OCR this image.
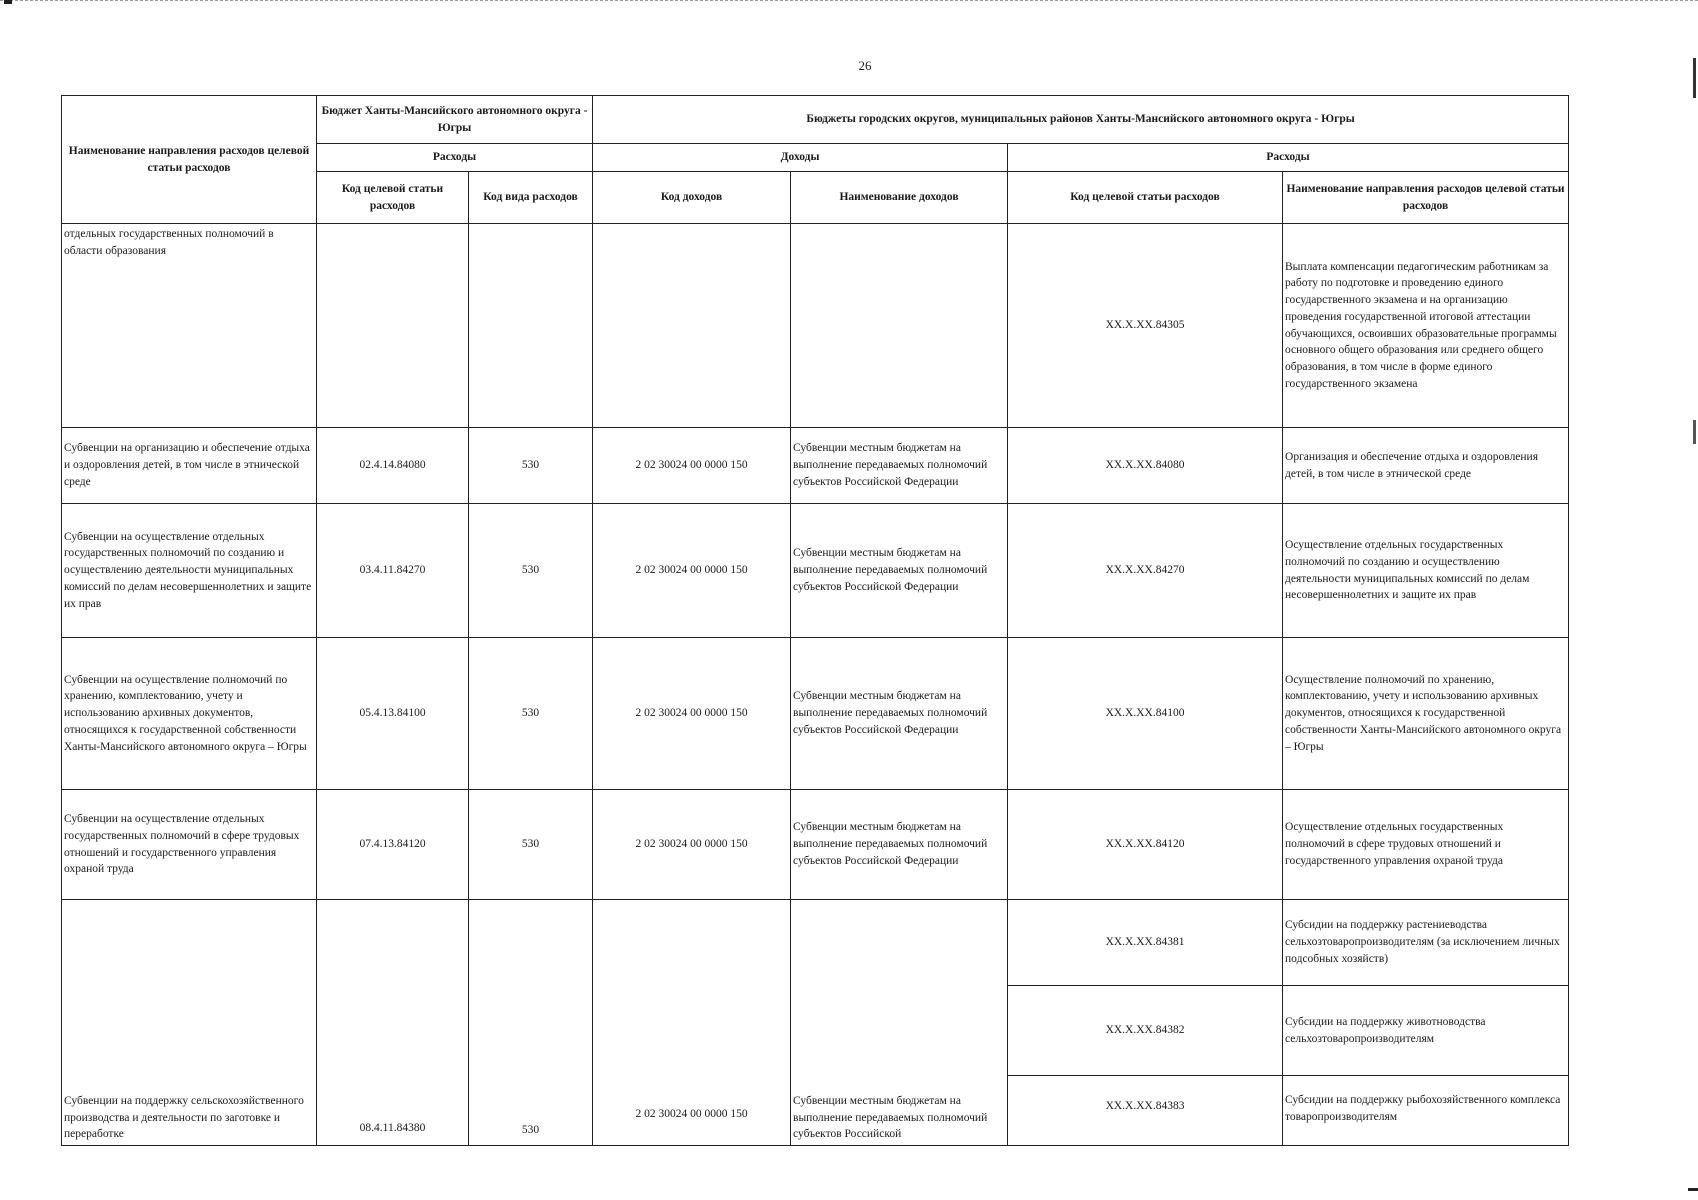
26
Наименование направления расходов целевой статьи расходов	Бюджет Ханты-Мансийского автономного округа - Югры		Бюджеты городских округов, муниципальных районов Ханты-Мансийского автономного округа - Югры			
	Расходы		Доходы		Расходы	
	Код целевой статьи расходов	Код вида расходов	Код доходов	Наименование доходов	Код целевой статьи расходов	Наименование направления расходов целевой статьи расходов
отдельных государственных полномочий в области образования					XX.X.XX.84305	Выплата компенсации педагогическим работникам за работу по подготовке и проведению единого государственного экзамена и на организацию проведения государственной итоговой аттестации обучающихся, освоивших образовательные программы основного общего образования или среднего общего образования, в том числе в форме единого государственного экзамена
Субвенции на организацию и обеспечение отдыха и оздоровления детей, в том числе в этнической среде	02.4.14.84080	530	2 02 30024 00 0000 150	Субвенции местным бюджетам на выполнение передаваемых полномочий субъектов Российской Федерации	XX.X.XX.84080	Организация и обеспечение отдыха и оздоровления детей, в том числе в этнической среде
Субвенции на осуществление отдельных государственных полномочий по созданию и осуществлению деятельности муниципальных комиссий по делам несовершеннолетних и защите их прав	03.4.11.84270	530	2 02 30024 00 0000 150	Субвенции местным бюджетам на выполнение передаваемых полномочий субъектов Российской Федерации	XX.X.XX.84270	Осуществление отдельных государственных полномочий по созданию и осуществлению деятельности муниципальных комиссий по делам несовершеннолетних и защите их прав
Субвенции на осуществление полномочий по хранению, комплектованию, учету и использованию архивных документов, относящихся к государственной собственности Ханты-Мансийского автономного округа – Югры	05.4.13.84100	530	2 02 30024 00 0000 150	Субвенции местным бюджетам на выполнение передаваемых полномочий субъектов Российской Федерации	XX.X.XX.84100	Осуществление полномочий по хранению, комплектованию, учету и использованию архивных документов, относящихся к государственной собственности Ханты-Мансийского автономного округа – Югры
Субвенции на осуществление отдельных государственных полномочий в сфере трудовых отношений и государственного управления охраной труда	07.4.13.84120	530	2 02 30024 00 0000 150	Субвенции местным бюджетам на выполнение передаваемых полномочий субъектов Российской Федерации	XX.X.XX.84120	Осуществление отдельных государственных полномочий в сфере трудовых отношений и государственного управления охраной труда
Субвенции на поддержку сельскохозяйственного производства и деятельности по заготовке и переработке	08.4.11.84380	530	2 02 30024 00 0000 150	Субвенции местным бюджетам на выполнение передаваемых полномочий субъектов Российской	XX.X.XX.84381	Субсидии на поддержку растениеводства сельхозтоваропроизводителям (за исключением личных подсобных хозяйств)
					XX.X.XX.84382	Субсидии на поддержку животноводства сельхозтоваропроизводителям
					XX.X.XX.84383	Субсидии на поддержку рыбохозяйственного комплекса товаропроизводителям
